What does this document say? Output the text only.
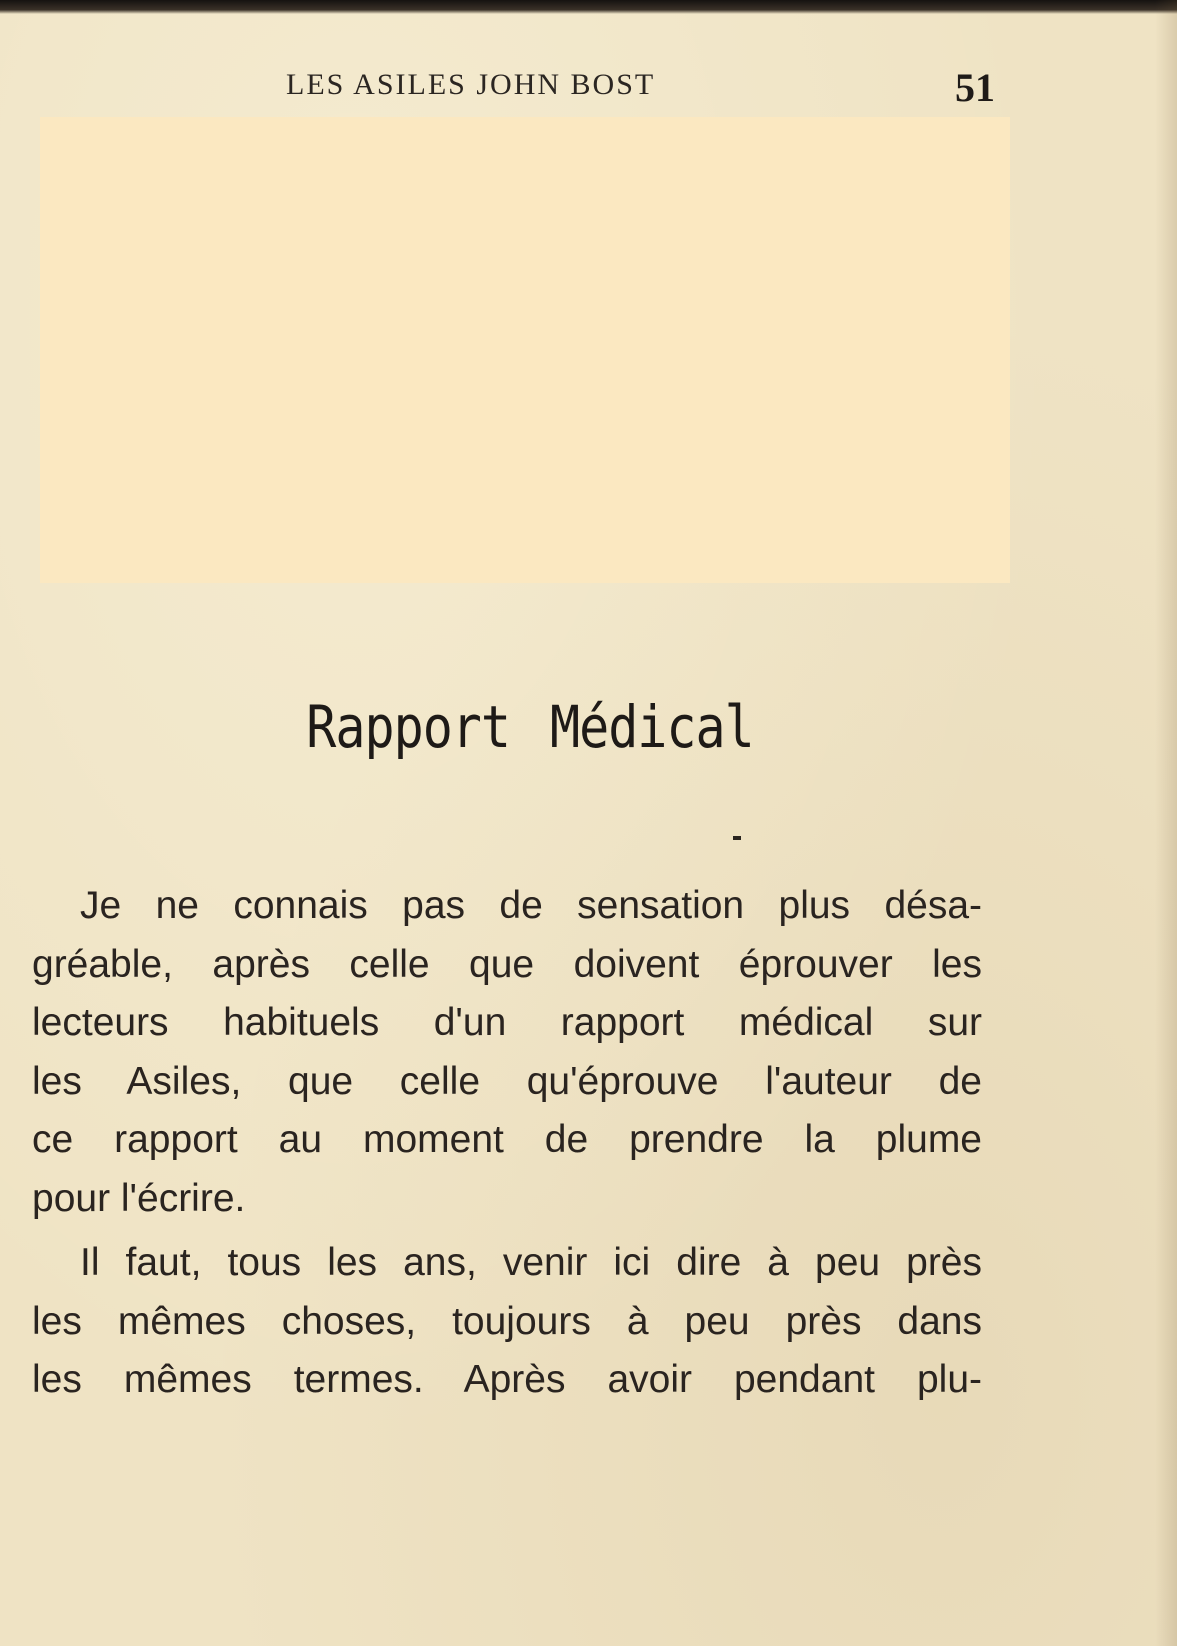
LES ASILES JOHN BOST	51
Rapport Médical

Je ne connais pas de sensation plus désa-
gréable, après celle que doivent éprouver les
lecteurs habituels d'un rapport médical sur
les Asiles, que celle qu'éprouve l'auteur de
ce rapport au moment de prendre la plume
pour l'écrire.

Il faut, tous les ans, venir ici dire à peu près
les mêmes choses, toujours à peu près dans
les mêmes termes. Après avoir pendant plu-
